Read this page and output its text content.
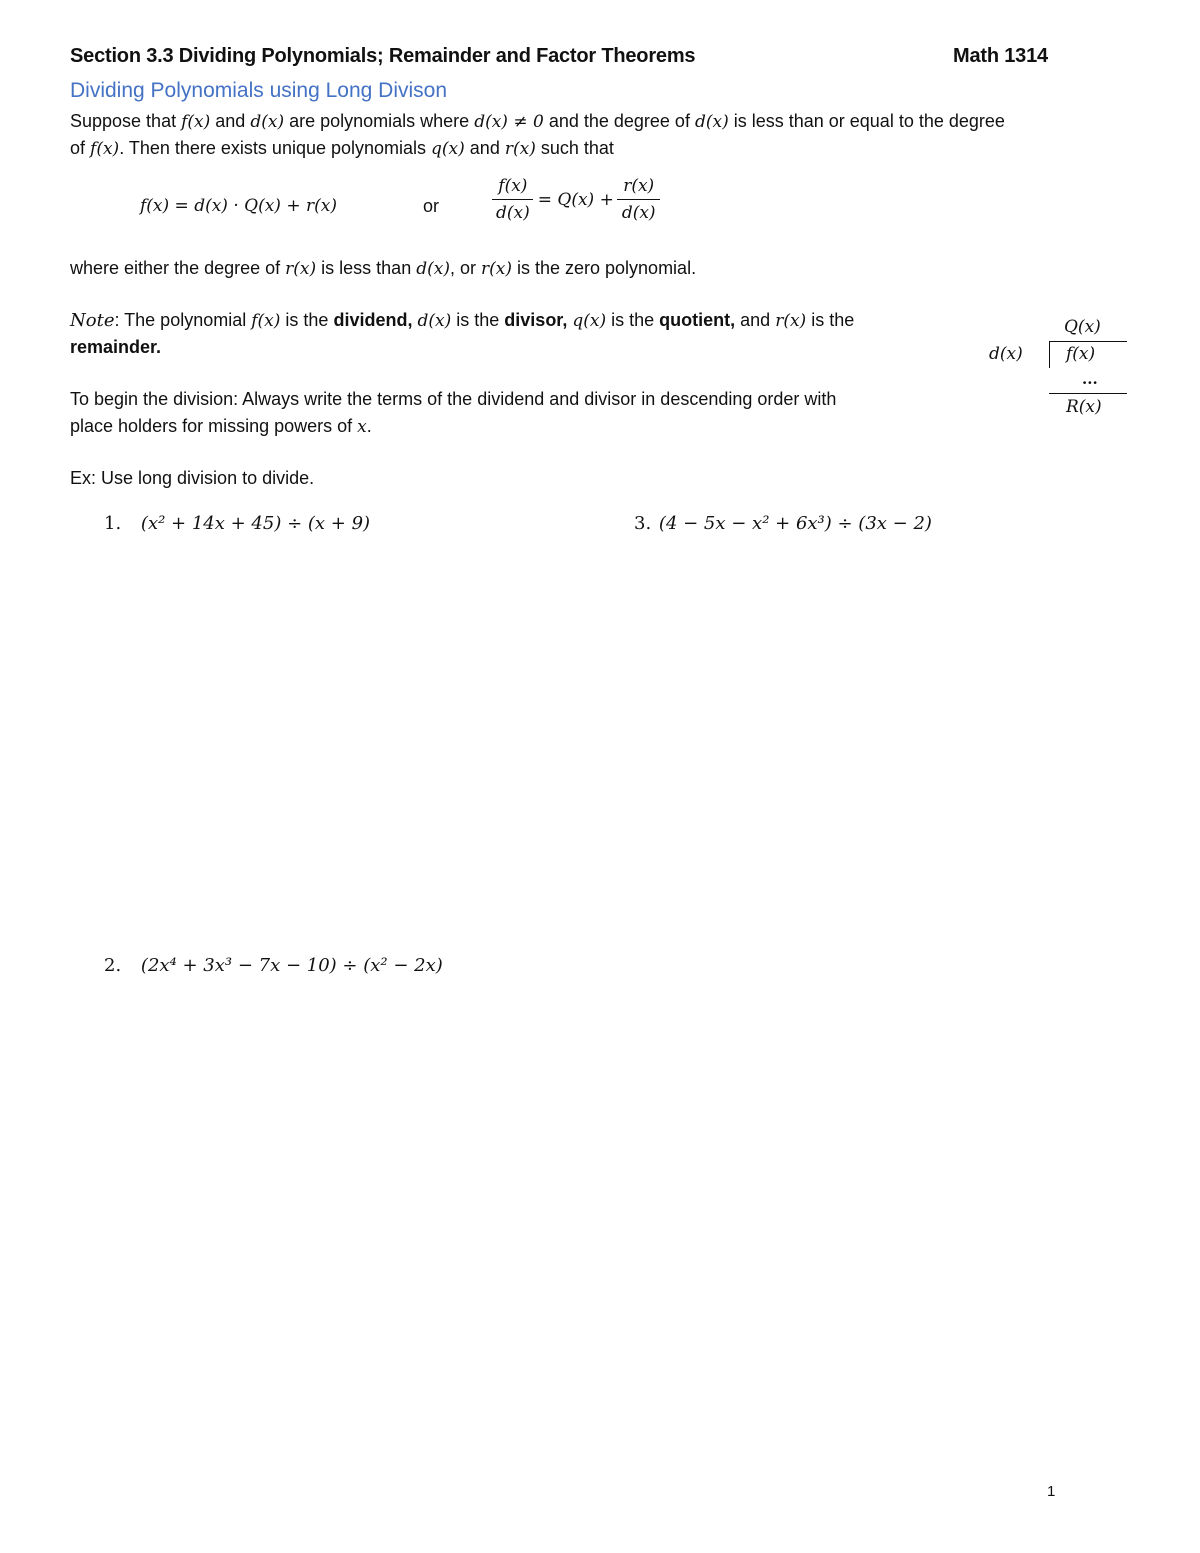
Section 3.3 Dividing Polynomials; Remainder and Factor Theorems	Math 1314
Dividing Polynomials using Long Divison
Suppose that f(x) and d(x) are polynomials where d(x) ≠ 0 and the degree of d(x) is less than or equal to the degree
of f(x). Then there exists unique polynomials q(x) and r(x) such that
f(x) = d(x) · Q(x) + r(x)	or	$\frac{f(x)}{d(x)} = Q(x) + \frac{r(x)}{d(x)}$
where either the degree of r(x) is less than d(x), or r(x) is the zero polynomial.
Note: The polynomial f(x) is the dividend, d(x) is the divisor, q(x) is the quotient, and r(x) is the
remainder.
Q(x)
d(x)	f(x)
...
R(x)
To begin the division: Always write the terms of the dividend and divisor in descending order with
place holders for missing powers of x.
Ex: Use long division to divide.
1. (x² + 14x + 45) ÷ (x + 9)	3. (4 − 5x − x² + 6x³) ÷ (3x − 2)
2. (2x⁴ + 3x³ − 7x − 10) ÷ (x² − 2x)
1
